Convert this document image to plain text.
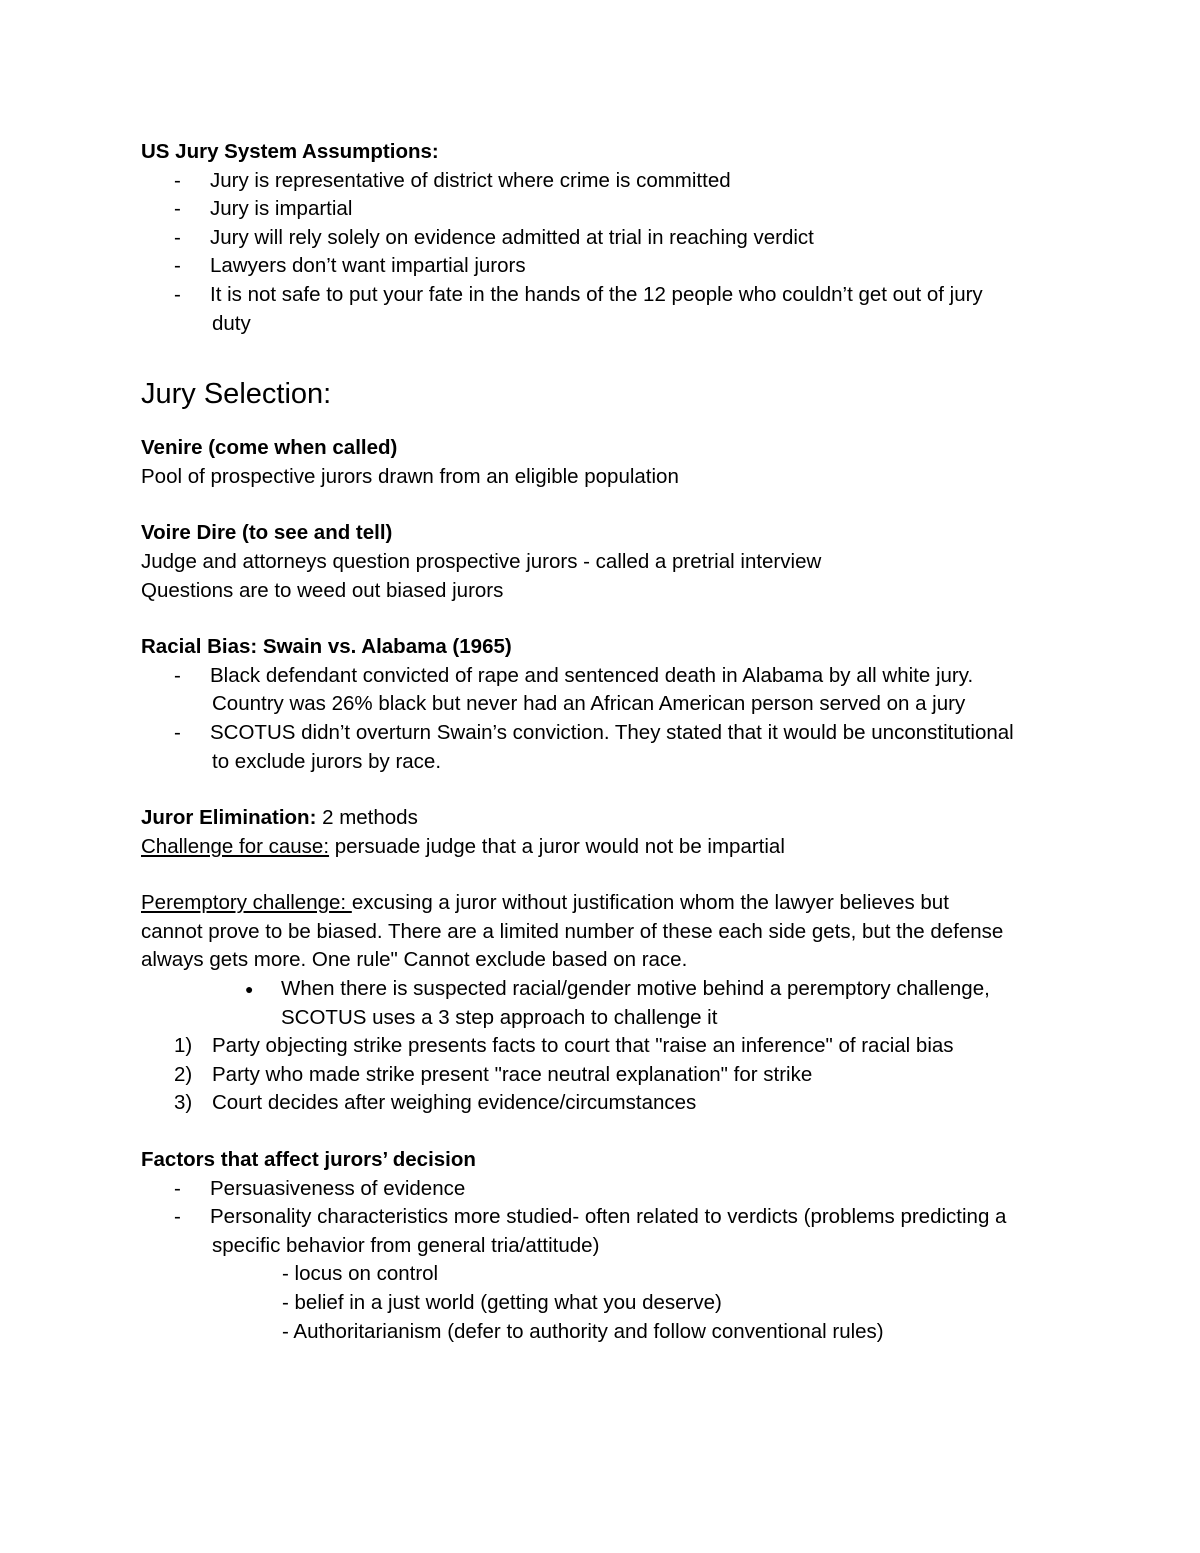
US Jury System Assumptions:
-	Jury is representative of district where crime is committed
-	Jury is impartial
-	Jury will rely solely on evidence admitted at trial in reaching verdict
-	Lawyers don’t want impartial jurors
-	It is not safe to put your fate in the hands of the 12 people who couldn’t get out of jury
duty
Jury Selection:
Venire (come when called)
Pool of prospective jurors drawn from an eligible population
Voire Dire (to see and tell)
Judge and attorneys question prospective jurors - called a pretrial interview
Questions are to weed out biased jurors
Racial Bias: Swain vs. Alabama (1965)
-	Black defendant convicted of rape and sentenced death in Alabama by all white jury.
Country was 26% black but never had an African American person served on a jury
-	SCOTUS didn’t overturn Swain’s conviction. They stated that it would be unconstitutional
to exclude jurors by race.
Juror Elimination: 2 methods
Challenge for cause: persuade judge that a juror would not be impartial
Peremptory challenge: excusing a juror without justification whom the lawyer believes but
cannot prove to be biased. There are a limited number of these each side gets, but the defense
always gets more. One rule" Cannot exclude based on race.
●	When there is suspected racial/gender motive behind a peremptory challenge,
SCOTUS uses a 3 step approach to challenge it
1) Party objecting strike presents facts to court that "raise an inference" of racial bias
2) Party who made strike present "race neutral explanation" for strike
3) Court decides after weighing evidence/circumstances
Factors that affect jurors’ decision
-	Persuasiveness of evidence
-	Personality characteristics more studied- often related to verdicts (problems predicting a
specific behavior from general tria/attitude)
- locus on control
- belief in a just world (getting what you deserve)
- Authoritarianism (defer to authority and follow conventional rules)
